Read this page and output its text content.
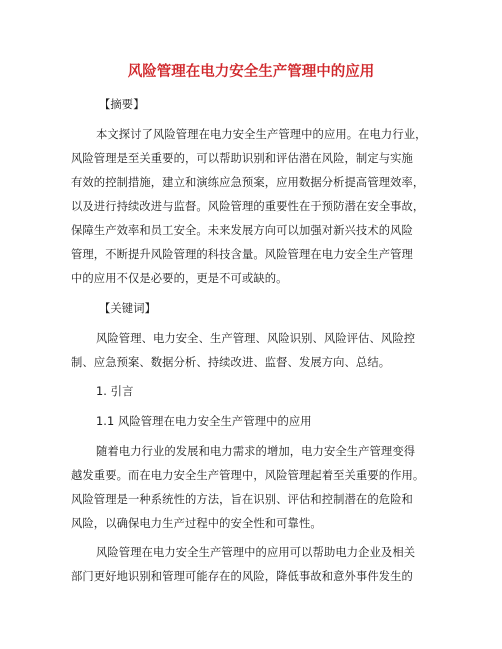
风险管理在电力安全生产管理中的应用
【摘要】
本文探讨了风险管理在电力安全生产管理中的应用。在电力行业，
风险管理是至关重要的，可以帮助识别和评估潜在风险，制定与实施
有效的控制措施，建立和演练应急预案，应用数据分析提高管理效率，
以及进行持续改进与监督。风险管理的重要性在于预防潜在安全事故，
保障生产效率和员工安全。未来发展方向可以加强对新兴技术的风险
管理，不断提升风险管理的科技含量。风险管理在电力安全生产管理
中的应用不仅是必要的，更是不可或缺的。
【关键词】
风险管理、电力安全、生产管理、风险识别、风险评估、风险控
制、应急预案、数据分析、持续改进、监督、发展方向、总结。
1. 引言
1.1 风险管理在电力安全生产管理中的应用
随着电力行业的发展和电力需求的增加，电力安全生产管理变得
越发重要。而在电力安全生产管理中，风险管理起着至关重要的作用。
风险管理是一种系统性的方法，旨在识别、评估和控制潜在的危险和
风险，以确保电力生产过程中的安全性和可靠性。
风险管理在电力安全生产管理中的应用可以帮助电力企业及相关
部门更好地识别和管理可能存在的风险，降低事故和意外事件发生的
